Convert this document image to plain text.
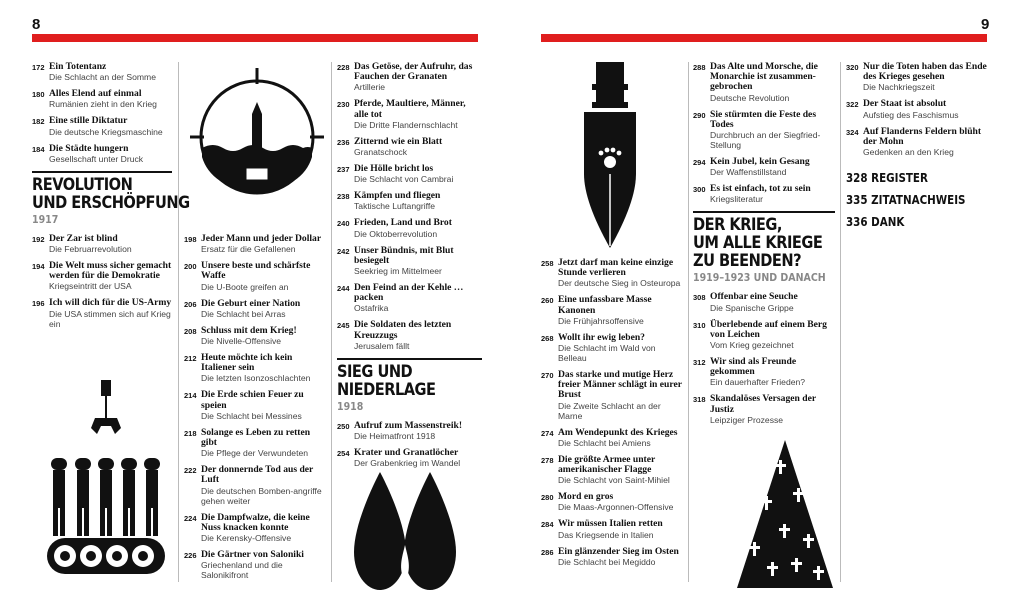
8	9
172 Ein Totentanz
Die Schlacht an der Somme
180 Alles Elend auf einmal
Rumänien zieht in den Krieg
182 Eine stille Diktatur
Die deutsche Kriegsmaschine
184 Die Städte hungern
Gesellschaft unter Druck
REVOLUTION
UND ERSCHÖPFUNG
1917
192 Der Zar ist blind
Die Februarrevolution
194 Die Welt muss sicher gemacht werden für die Demokratie
Kriegseintritt der USA
196 Ich will dich für die US-Army
Die USA stimmen sich auf Krieg ein
198 Jeder Mann und jeder Dollar
Ersatz für die Gefallenen
200 Unsere beste und schärfste Waffe
Die U-Boote greifen an
206 Die Geburt einer Nation
Die Schlacht bei Arras
208 Schluss mit dem Krieg!
Die Nivelle-Offensive
212 Heute möchte ich kein Italiener sein
Die letzten Isonzoschlachten
214 Die Erde schien Feuer zu speien
Die Schlacht bei Messines
218 Solange es Leben zu retten gibt
Die Pflege der Verwundeten
222 Der donnernde Tod aus der Luft
Die deutschen Bomben-angriffe gehen weiter
224 Die Dampfwalze, die keine Nuss knacken konnte
Die Kerensky-Offensive
226 Die Gärtner von Saloniki
Griechenland und die Salonikifront
228 Das Getöse, der Aufruhr, das Fauchen der Granaten
Artillerie
230 Pferde, Maultiere, Männer, alle tot
Die Dritte Flandernschlacht
236 Zitternd wie ein Blatt
Granatschock
237 Die Hölle bricht los
Die Schlacht von Cambrai
238 Kämpfen und fliegen
Taktische Luftangriffe
240 Frieden, Land und Brot
Die Oktoberrevolution
242 Unser Bündnis, mit Blut besiegelt
Seekrieg im Mittelmeer
244 Den Feind an der Kehle … packen
Ostafrika
245 Die Soldaten des letzten Kreuzzugs
Jerusalem fällt
SIEG UND
NIEDERLAGE
1918
250 Aufruf zum Massenstreik!
Die Heimatfront 1918
254 Krater und Granatlöcher
Der Grabenkrieg im Wandel
258 Jetzt darf man keine einzige Stunde verlieren
Der deutsche Sieg in Osteuropa
260 Eine unfassbare Masse Kanonen
Die Frühjahrsoffensive
268 Wollt ihr ewig leben?
Die Schlacht im Wald von Belleau
270 Das starke und mutige Herz freier Männer schlägt in eurer Brust
Die Zweite Schlacht an der Marne
274 Am Wendepunkt des Krieges
Die Schlacht bei Amiens
278 Die größte Armee unter amerikanischer Flagge
Die Schlacht von Saint-Mihiel
280 Mord en gros
Die Maas-Argonnen-Offensive
284 Wir müssen Italien retten
Das Kriegsende in Italien
286 Ein glänzender Sieg im Osten
Die Schlacht bei Megiddo
288 Das Alte und Morsche, die Monarchie ist zusammen-gebrochen
Deutsche Revolution
290 Sie stürmten die Feste des Todes
Durchbruch an der Siegfried-Stellung
294 Kein Jubel, kein Gesang
Der Waffenstillstand
300 Es ist einfach, tot zu sein
Kriegsliteratur
DER KRIEG,
UM ALLE KRIEGE
ZU BEENDEN?
1919–1923 UND DANACH
308 Offenbar eine Seuche
Die Spanische Grippe
310 Überlebende auf einem Berg von Leichen
Vom Krieg gezeichnet
312 Wir sind als Freunde gekommen
Ein dauerhafter Frieden?
318 Skandalöses Versagen der Justiz
Leipziger Prozesse
320 Nur die Toten haben das Ende des Krieges gesehen
Die Nachkriegszeit
322 Der Staat ist absolut
Aufstieg des Faschismus
324 Auf Flanderns Feldern blüht der Mohn
Gedenken an den Krieg
328 REGISTER
335 ZITATNACHWEIS
336 DANK
